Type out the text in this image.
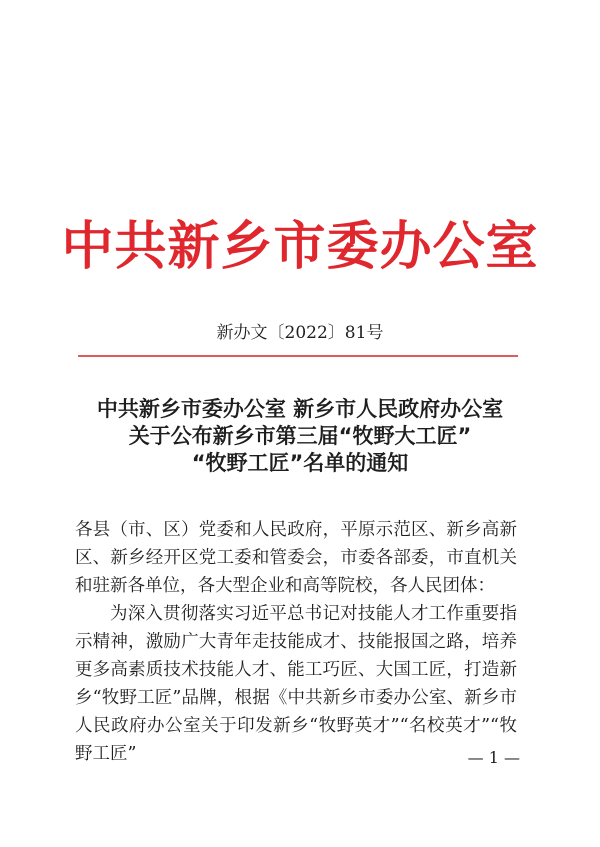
中共新乡市委办公室
新办文〔2022〕81号
中共新乡市委办公室 新乡市人民政府办公室
关于公布新乡市第三届“牧野大工匠”
“牧野工匠”名单的通知

各县（市、区）党委和人民政府，平原示范区、新乡高新区、新乡经开区党工委和管委会，市委各部委，市直机关和驻新各单位，各大型企业和高等院校，各人民团体：

为深入贯彻落实习近平总书记对技能人才工作重要指示精神，激励广大青年走技能成才、技能报国之路，培养更多高素质技术技能人才、能工巧匠、大国工匠，打造新乡“牧野工匠”品牌，根据《中共新乡市委办公室、新乡市人民政府办公室关于印发新乡“牧野英才”“名校英才”“牧野工匠”	— 1 —
